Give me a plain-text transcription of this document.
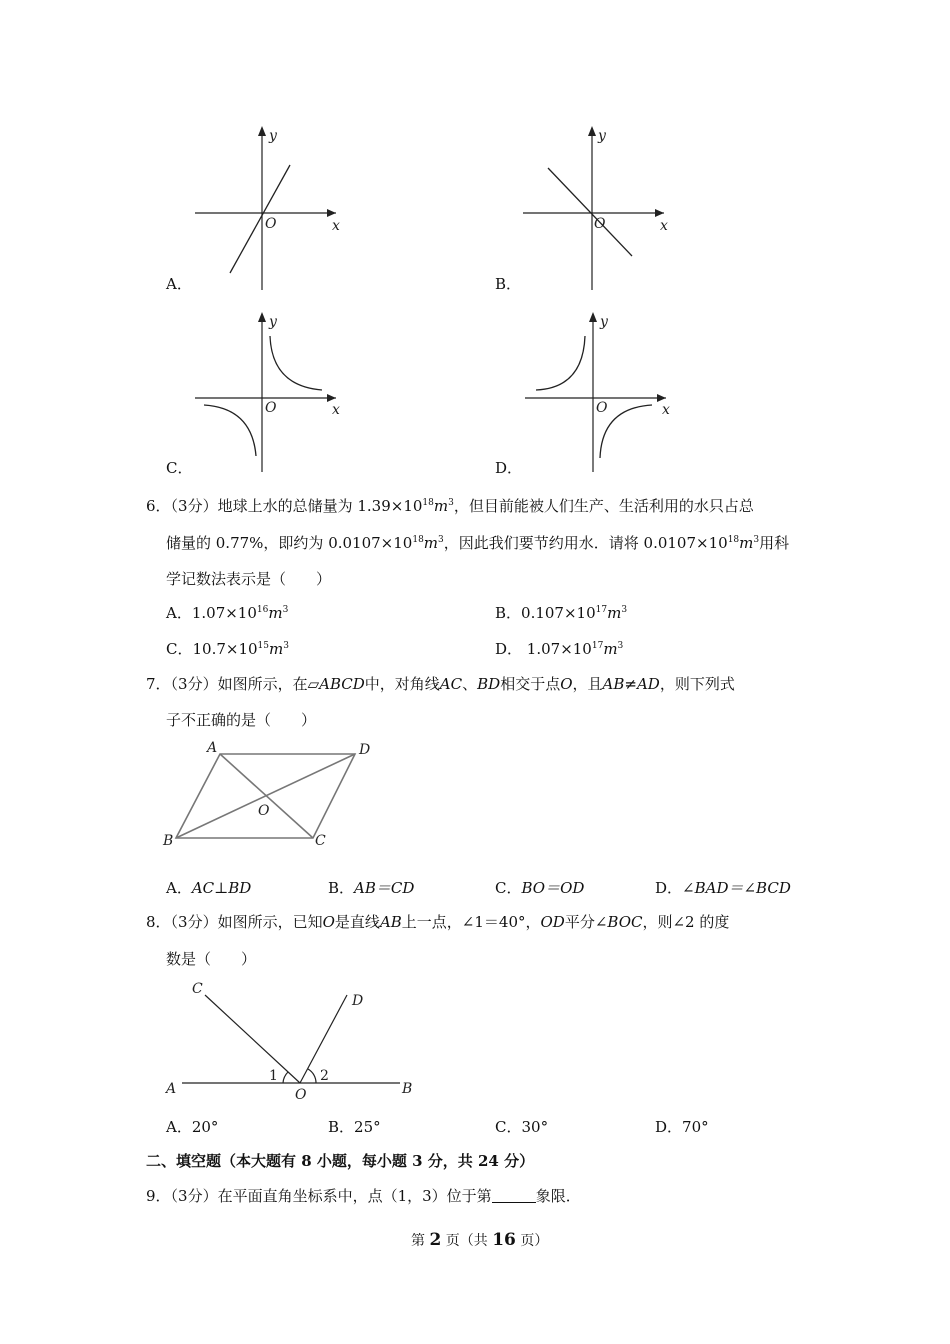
y
x
O
y
x
O
y
x
O
y
x
O
A．	B．
C．	D．
6．（3分）地球上水的总储量为 $1.39\times 10^{18}m^3$，但目前能被人们生产、生活利用的水只占总
储量的 0.77%，即约为 $0.0107\times 10^{18}m^3$，因此我们要节约用水．请将 $0.0107\times 10^{18}m^3$用科
学记数法表示是（　　）
A．$1.07\times 10^{16}m^3$	B．$0.107\times 10^{17}m^3$
C．$10.7\times 10^{15}m^3$	D． $1.07\times 10^{17}m^3$
7．（3分）如图所示，在▱ABCD中，对角线AC、BD相交于点O，且AB≠AD，则下列式
子不正确的是（　　）
A	D
B	C
O
A．AC⊥BD	B．AB＝CD	C．BO＝OD	D．∠BAD＝∠BCD
8．（3分）如图所示，已知O是直线AB上一点，∠1＝40°，OD平分∠BOC，则∠2 的度
数是（　　）
C
D
A	B
O
1	2
A．20°	B．25°	C．30°	D．70°
二、填空题（本大题有 8 小题，每小题 3 分，共 24 分）
9．（3分）在平面直角坐标系中，点（1，3）位于第	象限．
第 2 页（共 16 页）
